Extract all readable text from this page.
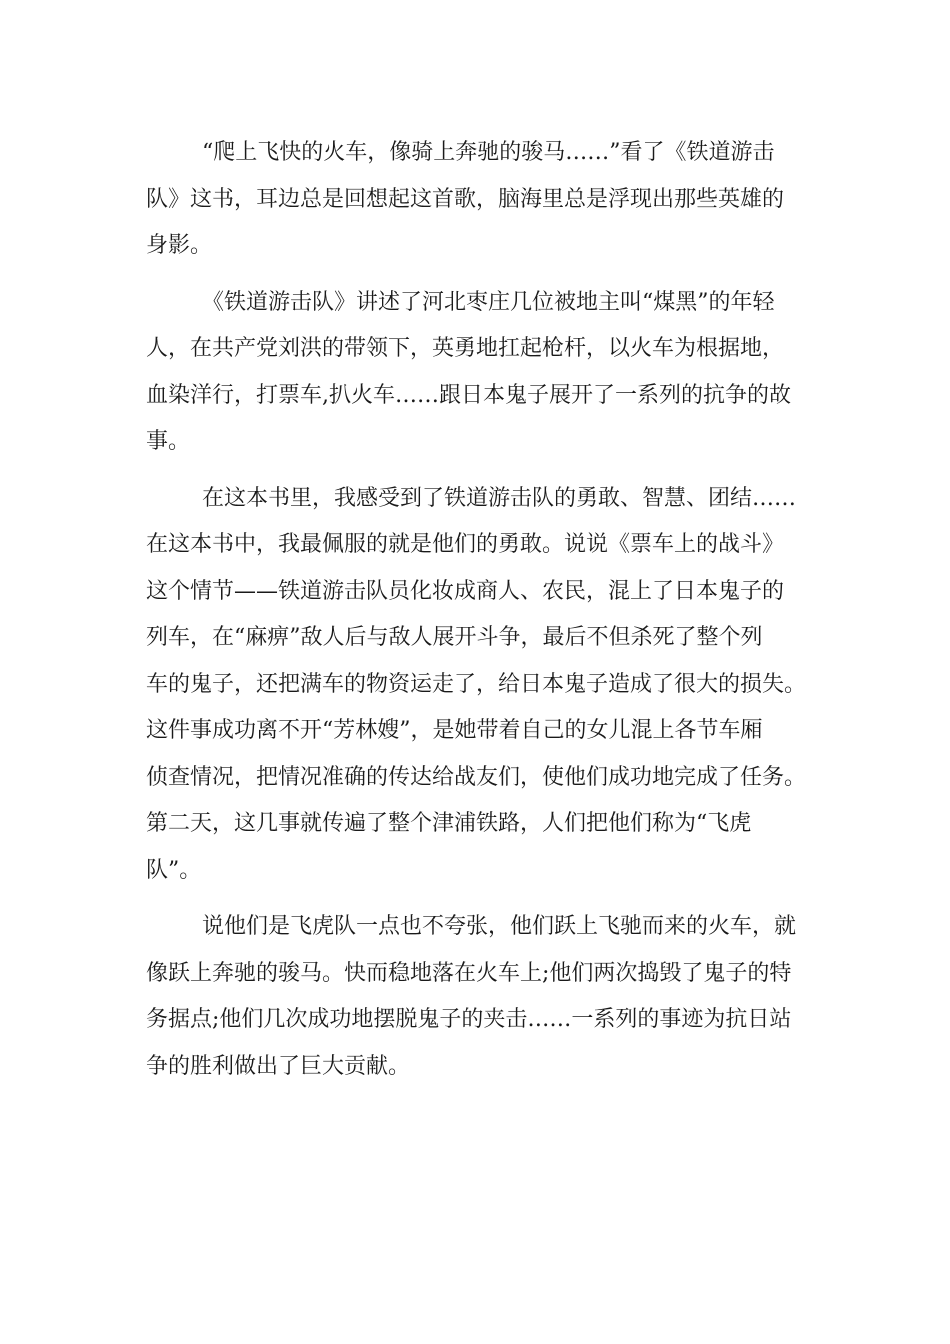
“爬上飞快的火车，像骑上奔驰的骏马……”看了《铁道游击
队》这书，耳边总是回想起这首歌，脑海里总是浮现出那些英雄的
身影。
《铁道游击队》讲述了河北枣庄几位被地主叫“煤黑”的年轻
人，在共产党刘洪的带领下，英勇地扛起枪杆，以火车为根据地，
血染洋行，打票车,扒火车……跟日本鬼子展开了一系列的抗争的故
事。
在这本书里，我感受到了铁道游击队的勇敢、智慧、团结……
在这本书中，我最佩服的就是他们的勇敢。说说《票车上的战斗》
这个情节——铁道游击队员化妆成商人、农民，混上了日本鬼子的
列车，在“麻痹”敌人后与敌人展开斗争，最后不但杀死了整个列
车的鬼子，还把满车的物资运走了，给日本鬼子造成了很大的损失。
这件事成功离不开“芳林嫂”，是她带着自己的女儿混上各节车厢
侦查情况，把情况准确的传达给战友们，使他们成功地完成了任务。
第二天，这几事就传遍了整个津浦铁路，人们把他们称为“飞虎
队”。
说他们是飞虎队一点也不夸张，他们跃上飞驰而来的火车，就
像跃上奔驰的骏马。快而稳地落在火车上;他们两次捣毁了鬼子的特
务据点;他们几次成功地摆脱鬼子的夹击……一系列的事迹为抗日站
争的胜利做出了巨大贡献。
